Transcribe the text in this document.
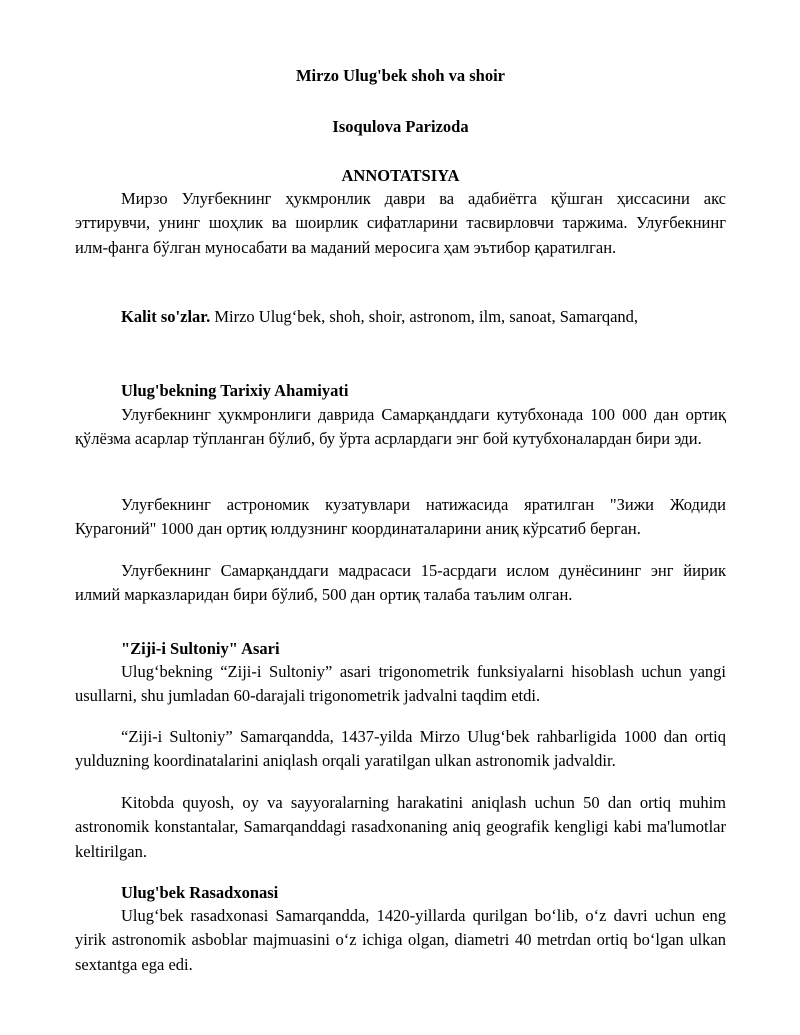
Mirzo Ulug'bek shoh va shoir
Isoqulova Parizoda
ANNOTATSIYA
Мирзо Улуғбекнинг ҳукмронлик даври ва адабиётга қўшган ҳиссасини акс эттирувчи, унинг шоҳлик ва шоирлик сифатларини тасвирловчи таржима. Улуғбекнинг илм-фанга бўлган муносабати ва маданий меросига ҳам эътибор қаратилган.
Kalit so'zlar. Mirzo Ulug‘bek, shoh, shoir, astronom, ilm, sanoat, Samarqand,
Ulug'bekning Tarixiy Ahamiyati
Улуғбекнинг ҳукмронлиги даврида Самарқанддаги кутубхонада 100 000 дан ортиқ қўлёзма асарлар тўпланган бўлиб, бу ўрта асрлардаги энг бой кутубхоналардан бири эди.
Улуғбекнинг астрономик кузатувлари натижасида яратилган "Зижи Жодиди Курагоний" 1000 дан ортиқ юлдузнинг координаталарини аниқ кўрсатиб берган.
Улуғбекнинг Самарқанддаги мадрасаси 15-асрдаги ислом дунёсининг энг йирик илмий марказларидан бири бўлиб, 500 дан ортиқ талаба таълим олган.
"Ziji-i Sultoniy" Asari
Ulug‘bekning “Ziji-i Sultoniy” asari trigonometrik funksiyalarni hisoblash uchun yangi usullarni, shu jumladan 60-darajali trigonometrik jadvalni taqdim etdi.
“Ziji-i Sultoniy” Samarqandda, 1437-yilda Mirzo Ulug‘bek rahbarligida 1000 dan ortiq yulduzning koordinatalarini aniqlash orqali yaratilgan ulkan astronomik jadvaldir.
Kitobda quyosh, oy va sayyoralarning harakatini aniqlash uchun 50 dan ortiq muhim astronomik konstantalar, Samarqanddagi rasadxonaning aniq geografik kengligi kabi ma'lumotlar keltirilgan.
Ulug'bek Rasadxonasi
Ulug‘bek rasadxonasi Samarqandda, 1420-yillarda qurilgan bo‘lib, o‘z davri uchun eng yirik astronomik asboblar majmuasini o‘z ichiga olgan, diametri 40 metrdan ortiq bo‘lgan ulkan sextantga ega edi.
